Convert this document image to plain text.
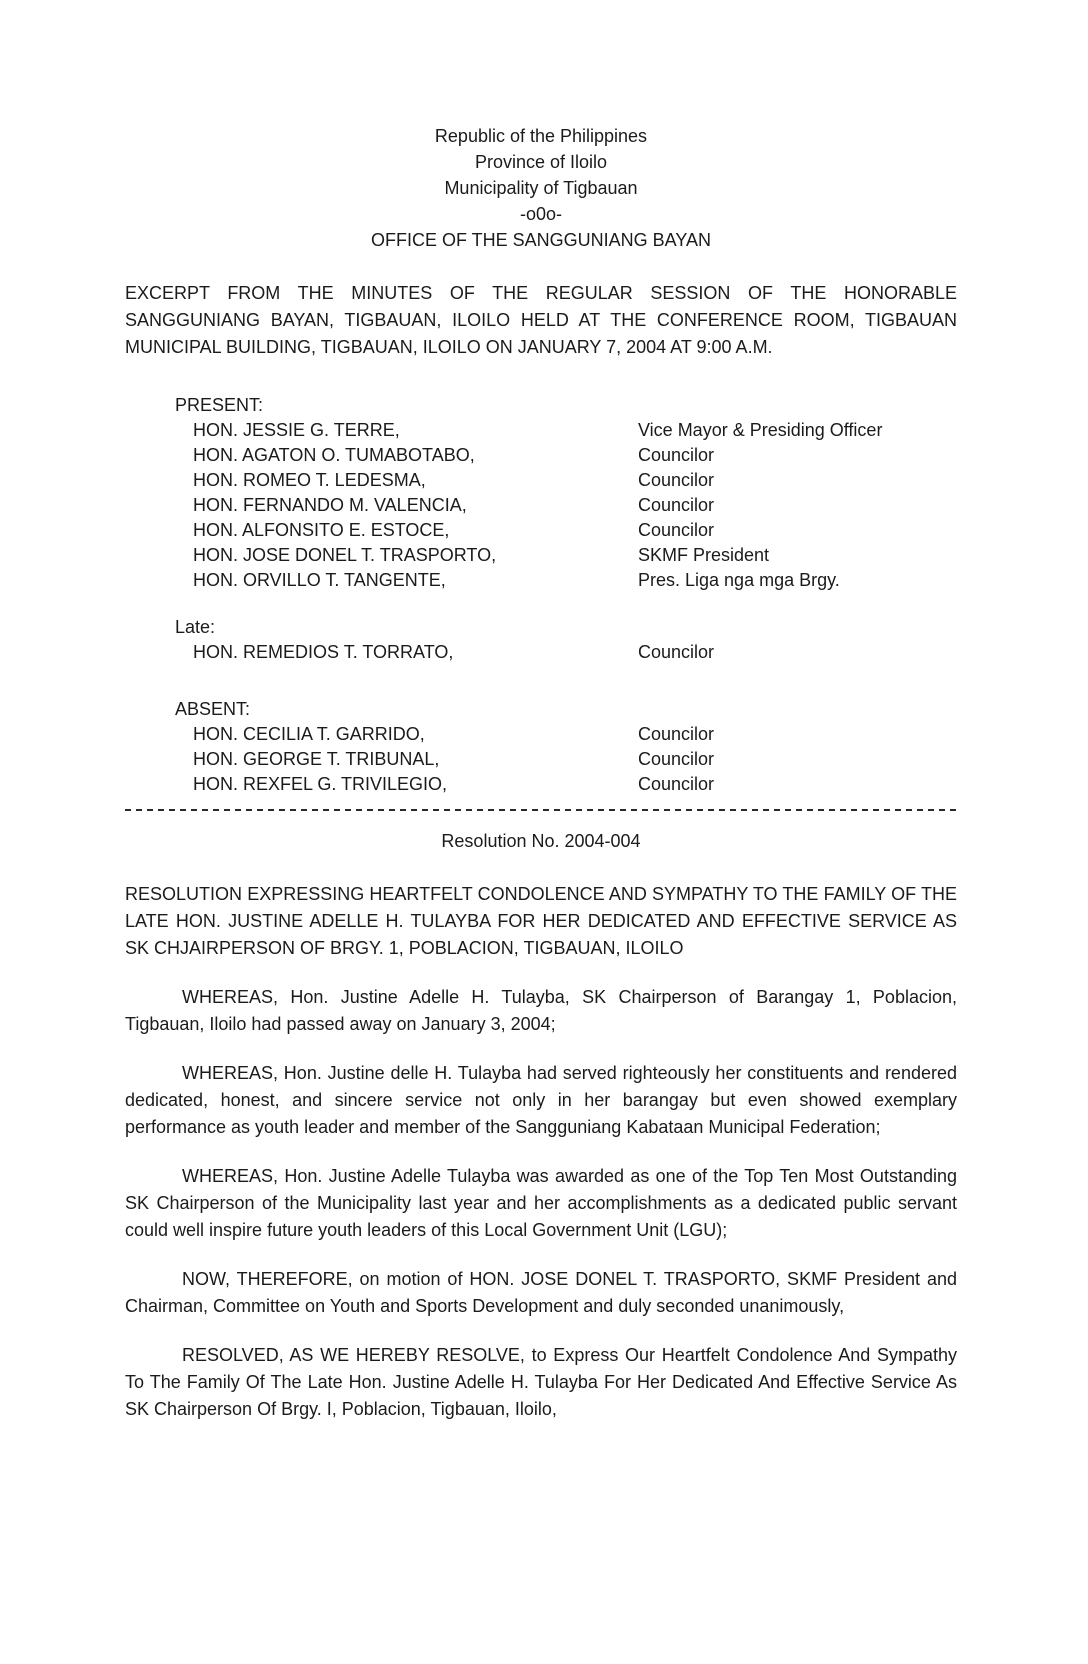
Republic of the Philippines
Province of Iloilo
Municipality of Tigbauan
-o0o-
OFFICE OF THE SANGGUNIANG BAYAN
EXCERPT FROM THE MINUTES OF THE REGULAR SESSION OF THE HONORABLE SANGGUNIANG BAYAN, TIGBAUAN, ILOILO HELD AT THE CONFERENCE ROOM, TIGBAUAN MUNICIPAL BUILDING, TIGBAUAN, ILOILO ON JANUARY 7, 2004 AT 9:00 A.M.
PRESENT:
HON. JESSIE G. TERRE,	Vice Mayor & Presiding Officer
HON. AGATON O. TUMABOTABO,	Councilor
HON. ROMEO T. LEDESMA,	Councilor
HON. FERNANDO M. VALENCIA,	Councilor
HON. ALFONSITO E. ESTOCE,	Councilor
HON. JOSE DONEL T. TRASPORTO,	SKMF President
HON. ORVILLO T. TANGENTE,	Pres. Liga nga mga Brgy.
Late:
HON. REMEDIOS T. TORRATO,	Councilor
ABSENT:
HON. CECILIA T. GARRIDO,	Councilor
HON. GEORGE T. TRIBUNAL,	Councilor
HON. REXFEL G. TRIVILEGIO,	Councilor
Resolution No. 2004-004
RESOLUTION EXPRESSING HEARTFELT CONDOLENCE AND SYMPATHY TO THE FAMILY OF THE LATE HON. JUSTINE ADELLE H. TULAYBA FOR HER DEDICATED AND EFFECTIVE SERVICE AS SK CHJAIRPERSON OF BRGY. 1, POBLACION, TIGBAUAN, ILOILO

WHEREAS, Hon. Justine Adelle H. Tulayba, SK Chairperson of Barangay 1, Poblacion, Tigbauan, Iloilo had passed away on January 3, 2004;

WHEREAS, Hon. Justine delle H. Tulayba had served righteously her constituents and rendered dedicated, honest, and sincere service not only in her barangay but even showed exemplary performance as youth leader and member of the Sangguniang Kabataan Municipal Federation;

WHEREAS, Hon. Justine Adelle Tulayba was awarded as one of the Top Ten Most Outstanding SK Chairperson of the Municipality last year and her accomplishments as a dedicated public servant could well inspire future youth leaders of this Local Government Unit (LGU);

NOW, THEREFORE, on motion of HON. JOSE DONEL T. TRASPORTO, SKMF President and Chairman, Committee on Youth and Sports Development and duly seconded unanimously,

RESOLVED, AS WE HEREBY RESOLVE, to Express Our Heartfelt Condolence And Sympathy To The Family Of The Late Hon. Justine Adelle H. Tulayba For Her Dedicated And Effective Service As SK Chairperson Of Brgy. I, Poblacion, Tigbauan, Iloilo,
